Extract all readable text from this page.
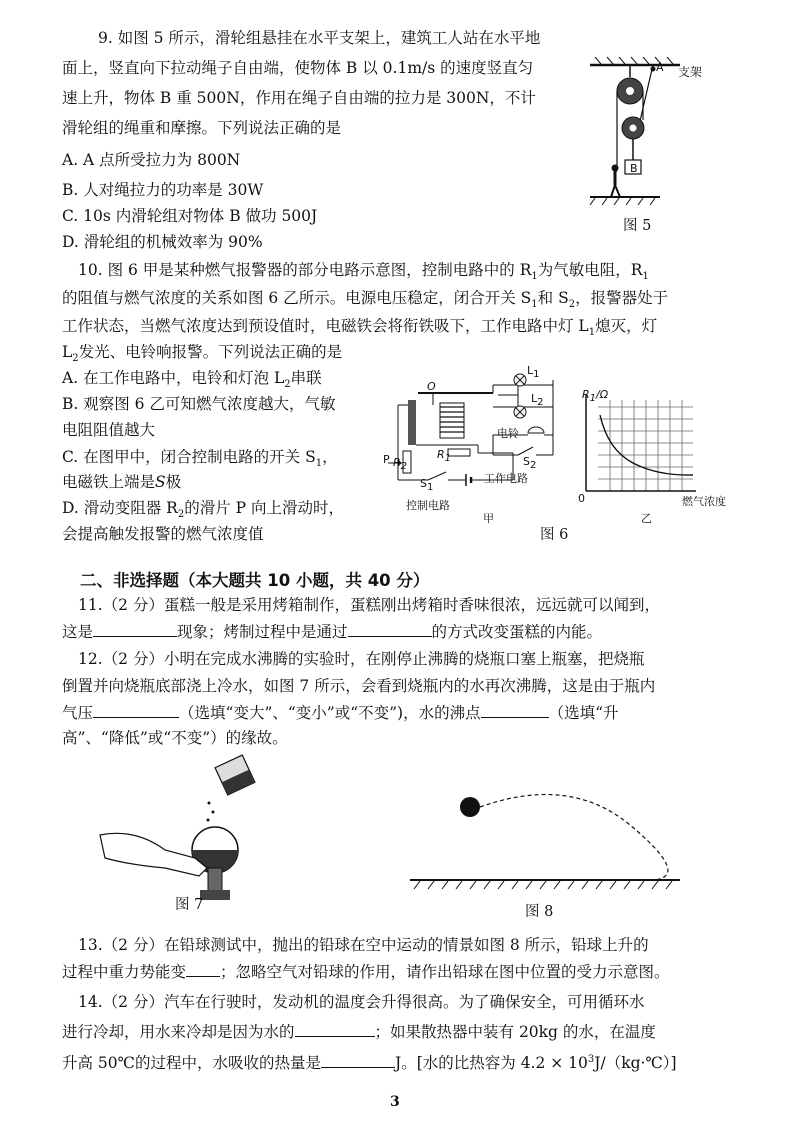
9. 如图 5 所示，滑轮组悬挂在水平支架上，建筑工人站在水平地
面上，竖直向下拉动绳子自由端，使物体 B 以 0.1m/s 的速度竖直匀
速上升，物体 B 重 500N，作用在绳子自由端的拉力是 300N，不计
滑轮组的绳重和摩擦。下列说法正确的是
A. A 点所受拉力为 800N
B. 人对绳拉力的功率是 30W
C. 10s 内滑轮组对物体 B 做功 500J
D. 滑轮组的机械效率为 90%
支架
A
B
图 5
10. 图 6 甲是某种燃气报警器的部分电路示意图，控制电路中的 $R_1$为气敏电阻，$R_1$
的阻值与燃气浓度的关系如图 6 乙所示。电源电压稳定，闭合开关 $S_1$和 $S_2$，报警器处于
工作状态，当燃气浓度达到预设值时，电磁铁会将衔铁吸下，工作电路中灯 $L_1$熄灭，灯
$L_2$发光、电铃响报警。下列说法正确的是
A. 在工作电路中，电铃和灯泡 $L_2$串联
B. 观察图 6 乙可知燃气浓度越大，气敏
电阻阻值越大
C. 在图甲中，闭合控制电路的开关 $S_1$，
电磁铁上端是S极
D. 滑动变阻器 $R_2$的滑片 P 向上滑动时，
会提高触发报警的燃气浓度值
O
P $R_2$
$R_1$
$S_1$
$L_1$
$L_2$
电铃
$S_2$
控制电路
工作电路
甲
$R_1/\Omega$
0	燃气浓度
乙
图 6
二、非选择题（本大题共 10 小题，共 40 分）
11.（2 分）蛋糕一般是采用烤箱制作，蛋糕刚出烤箱时香味很浓，远远就可以闻到，
这是	现象；烤制过程中是通过	的方式改变蛋糕的内能。
12.（2 分）小明在完成水沸腾的实验时，在刚停止沸腾的烧瓶口塞上瓶塞，把烧瓶
倒置并向烧瓶底部浇上冷水，如图 7 所示，会看到烧瓶内的水再次沸腾，这是由于瓶内
气压	（选填“变大”、“变小”或“不变”)，水的沸点	（选填“升
高”、“降低”或“不变”）的缘故。
图 7	图 8
13.（2 分）在铅球测试中，抛出的铅球在空中运动的情景如图 8 所示，铅球上升的
过程中重力势能变 ；忽略空气对铅球的作用，请作出铅球在图中位置的受力示意图。
14.（2 分）汽车在行驶时，发动机的温度会升得很高。为了确保安全，可用循环水
进行冷却，用水来冷却是因为水的	；如果散热器中装有 20kg 的水，在温度
升高 50℃的过程中，水吸收的热量是	J。[水的比热容为 $4.2 \times 10^3J/(kg\cdot℃)$]
3
